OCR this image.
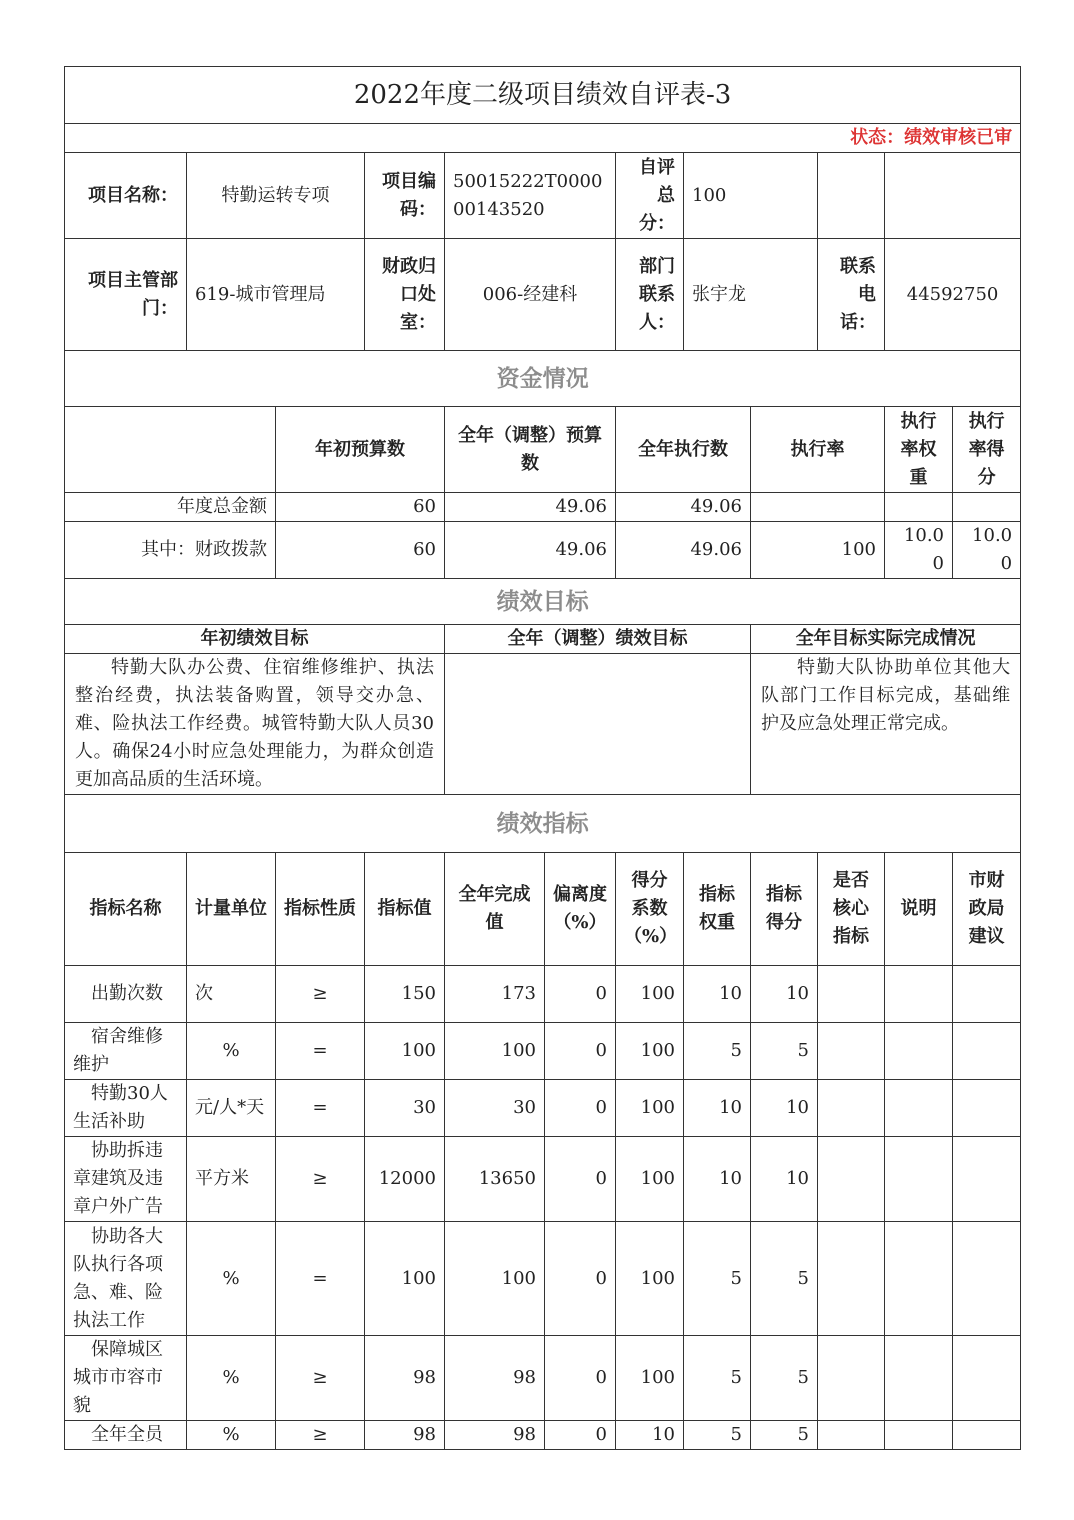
2022年度二级项目绩效自评表-3											
状态：绩效审核已审											
项目名称：	特勤运转专项		项目编码：	50015222T000000143520		自评总分：	100				
项目主管部门：	619-城市管理局		财政归口处室：	006-经建科		部门联系人：	张宇龙		联系电话：	44592750	
资金情况											
		年初预算数		全年（调整）预算数		全年执行数		执行率		执行率权重	执行率得分
年度总金额		60		49.06		49.06					
其中：财政拨款		60		49.06		49.06		100		10.00	10.00
绩效目标											
年初绩效目标				全年（调整）绩效目标				全年目标实际完成情况			
特勤大队办公费、住宿维修维护、执法整治经费，执法装备购置，领导交办急、难、险执法工作经费。城管特勤大队人员30人。确保24小时应急处理能力，为群众创造更加高品质的生活环境。								特勤大队协助单位其他大队部门工作目标完成，基础维护及应急处理正常完成。			
绩效指标											
指标名称	计量单位	指标性质	指标值	全年完成值	偏离度（%）	得分系数（%）	指标权重	指标得分	是否核心指标	说明	市财政局建议
出勤次数	次	≥	150	173	0	100	10	10			
宿舍维修维护	%	=	100	100	0	100	5	5			
特勤30人生活补助	元/人*天	=	30	30	0	100	10	10			
协助拆违章建筑及违章户外广告	平方米	≥	12000	13650	0	100	10	10			
协助各大队执行各项急、难、险执法工作	%	=	100	100	0	100	5	5			
保障城区城市市容市貌	%	≥	98	98	0	100	5	5			
全年全员	%	≥	98	98	0	10	5	5			
